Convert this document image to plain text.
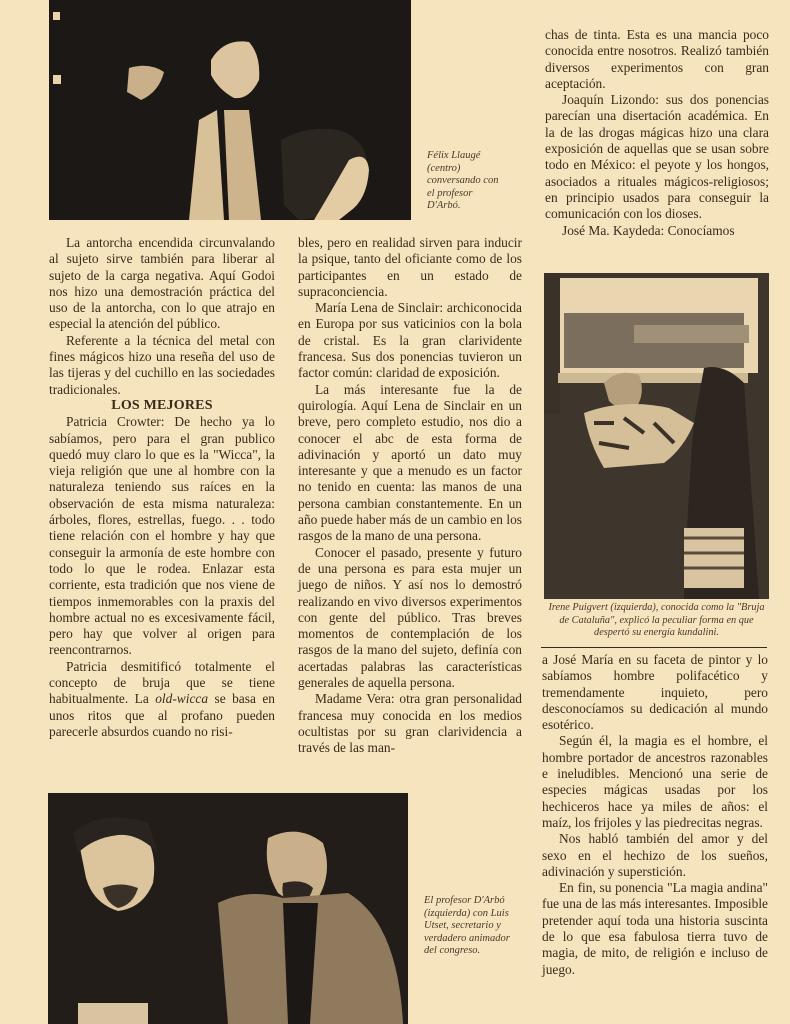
Félix Llaugé (centro) conversando con el profesor D'Arbó.

La antorcha encendida circunvalando al sujeto sirve también para liberar al sujeto de la carga negativa. Aquí Godoi nos hizo una demostración práctica del uso de la antorcha, con lo que atrajo en especial la atención del público.

Referente a la técnica del metal con fines mágicos hizo una reseña del uso de las tijeras y del cuchillo en las sociedades tradicionales.

LOS MEJORES

Patricia Crowter: De hecho ya lo sabíamos, pero para el gran publico quedó muy claro lo que es la "Wicca", la vieja religión que une al hombre con la naturaleza teniendo sus raíces en la observación de esta misma naturaleza: árboles, flores, estrellas, fuego. . . todo tiene relación con el hombre y hay que conseguir la armonía de este hombre con todo lo que le rodea. Enlazar esta corriente, esta tradición que nos viene de tiempos inmemorables con la praxis del hombre actual no es excesivamente fácil, pero hay que volver al origen para reencontrarnos.

Patricia desmitificó totalmente el concepto de bruja que se tiene habitualmente. La old-wicca se basa en unos ritos que al profano pueden parecerle absurdos cuando no risi-

bles, pero en realidad sirven para inducir la psique, tanto del oficiante como de los participantes en un estado de supraconciencia.

María Lena de Sinclair: archiconocida en Europa por sus vaticinios con la bola de cristal. Es la gran clarividente francesa. Sus dos ponencias tuvieron un factor común: claridad de exposición.

La más interesante fue la de quirología. Aquí Lena de Sinclair en un breve, pero completo estudio, nos dio a conocer el abc de esta forma de adivinación y aportó un dato muy interesante y que a menudo es un factor no tenido en cuenta: las manos de una persona cambian constantemente. En un año puede haber más de un cambio en los rasgos de la mano de una persona.

Conocer el pasado, presente y futuro de una persona es para esta mujer un juego de niños. Y así nos lo demostró realizando en vivo diversos experimentos con gente del público. Tras breves momentos de contemplación de los rasgos de la mano del sujeto, definía con acertadas palabras las características generales de aquella persona.

Madame Vera: otra gran personalidad francesa muy conocida en los medios ocultistas por su gran clarividencia a través de las man-

chas de tinta. Esta es una mancia poco conocida entre nosotros. Realizó también diversos experimentos con gran aceptación.

Joaquín Lizondo: sus dos ponencias parecían una disertación académica. En la de las drogas mágicas hizo una clara exposición de aquellas que se usan sobre todo en México: el peyote y los hongos, asociados a rituales mágicos-religiosos; en principio usados para conseguir la comunicación con los dioses.

José Ma. Kaydeda: Conocíamos

Irene Puigvert (izquierda), conocida como la "Bruja de Cataluña", explicó la peculiar forma en que despertó su energía kundalini.

a José María en su faceta de pintor y lo sabíamos hombre polifacético y tremendamente inquieto, pero desconocíamos su dedicación al mundo esotérico.

Según él, la magia es el hombre, el hombre portador de ancestros razonables e ineludibles. Mencionó una serie de especies mágicas usadas por los hechiceros hace ya miles de años: el maíz, los frijoles y las piedrecitas negras.

Nos habló también del amor y del sexo en el hechizo de los sueños, adivinación y superstición.

En fin, su ponencia "La magia andina" fue una de las más interesantes. Imposible pretender aquí toda una historia suscinta de lo que esa fabulosa tierra tuvo de magia, de mito, de religión e incluso de juego.

El profesor D'Arbó (izquierda) con Luis Utset, secretario y verdadero animador del congreso.
